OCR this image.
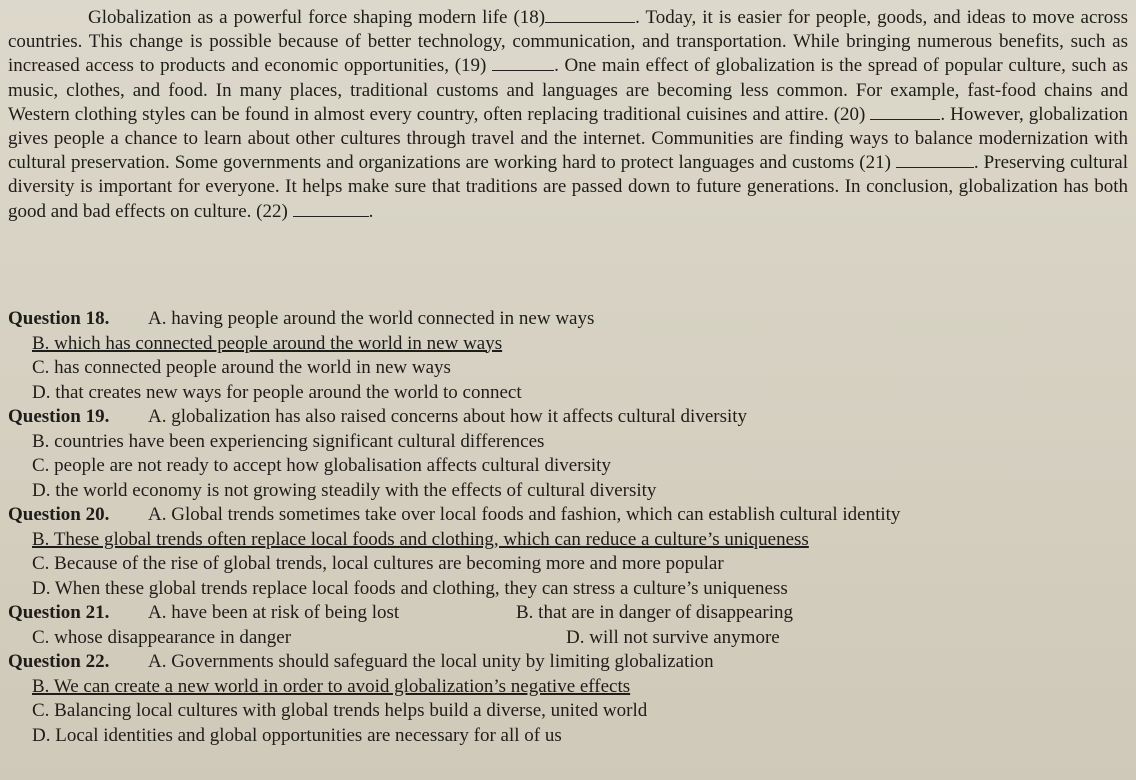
Globalization as a powerful force shaping modern life (18)	. Today, it is easier for people, goods, and ideas to move across countries. This change is possible because of better technology, communication, and transportation. While bringing numerous benefits, such as increased access to products and economic opportunities, (19)	. One main effect of globalization is the spread of popular culture, such as music, clothes, and food. In many places, traditional customs and languages are becoming less common. For example, fast-food chains and Western clothing styles can be found in almost every country, often replacing traditional cuisines and attire. (20)	. However, globalization gives people a chance to learn about other cultures through travel and the internet. Communities are finding ways to balance modernization with cultural preservation. Some governments and organizations are working hard to protect languages and customs (21)	. Preserving cultural diversity is important for everyone. It helps make sure that traditions are passed down to future generations. In conclusion, globalization has both good and bad effects on culture. (22)	.

Question 18. A. having people around the world connected in new ways
B. which has connected people around the world in new ways
C. has connected people around the world in new ways
D. that creates new ways for people around the world to connect
Question 19. A. globalization has also raised concerns about how it affects cultural diversity
B. countries have been experiencing significant cultural differences
C. people are not ready to accept how globalisation affects cultural diversity
D. the world economy is not growing steadily with the effects of cultural diversity
Question 20. A. Global trends sometimes take over local foods and fashion, which can establish cultural identity
B. These global trends often replace local foods and clothing, which can reduce a culture’s uniqueness
C. Because of the rise of global trends, local cultures are becoming more and more popular
D. When these global trends replace local foods and clothing, they can stress a culture’s uniqueness
Question 21.	A. have been at risk of being lost	B. that are in danger of disappearing
C. whose disappearance in danger	D. will not survive anymore
Question 22. A. Governments should safeguard the local unity by limiting globalization
B. We can create a new world in order to avoid globalization’s negative effects
C. Balancing local cultures with global trends helps build a diverse, united world
D. Local identities and global opportunities are necessary for all of us
